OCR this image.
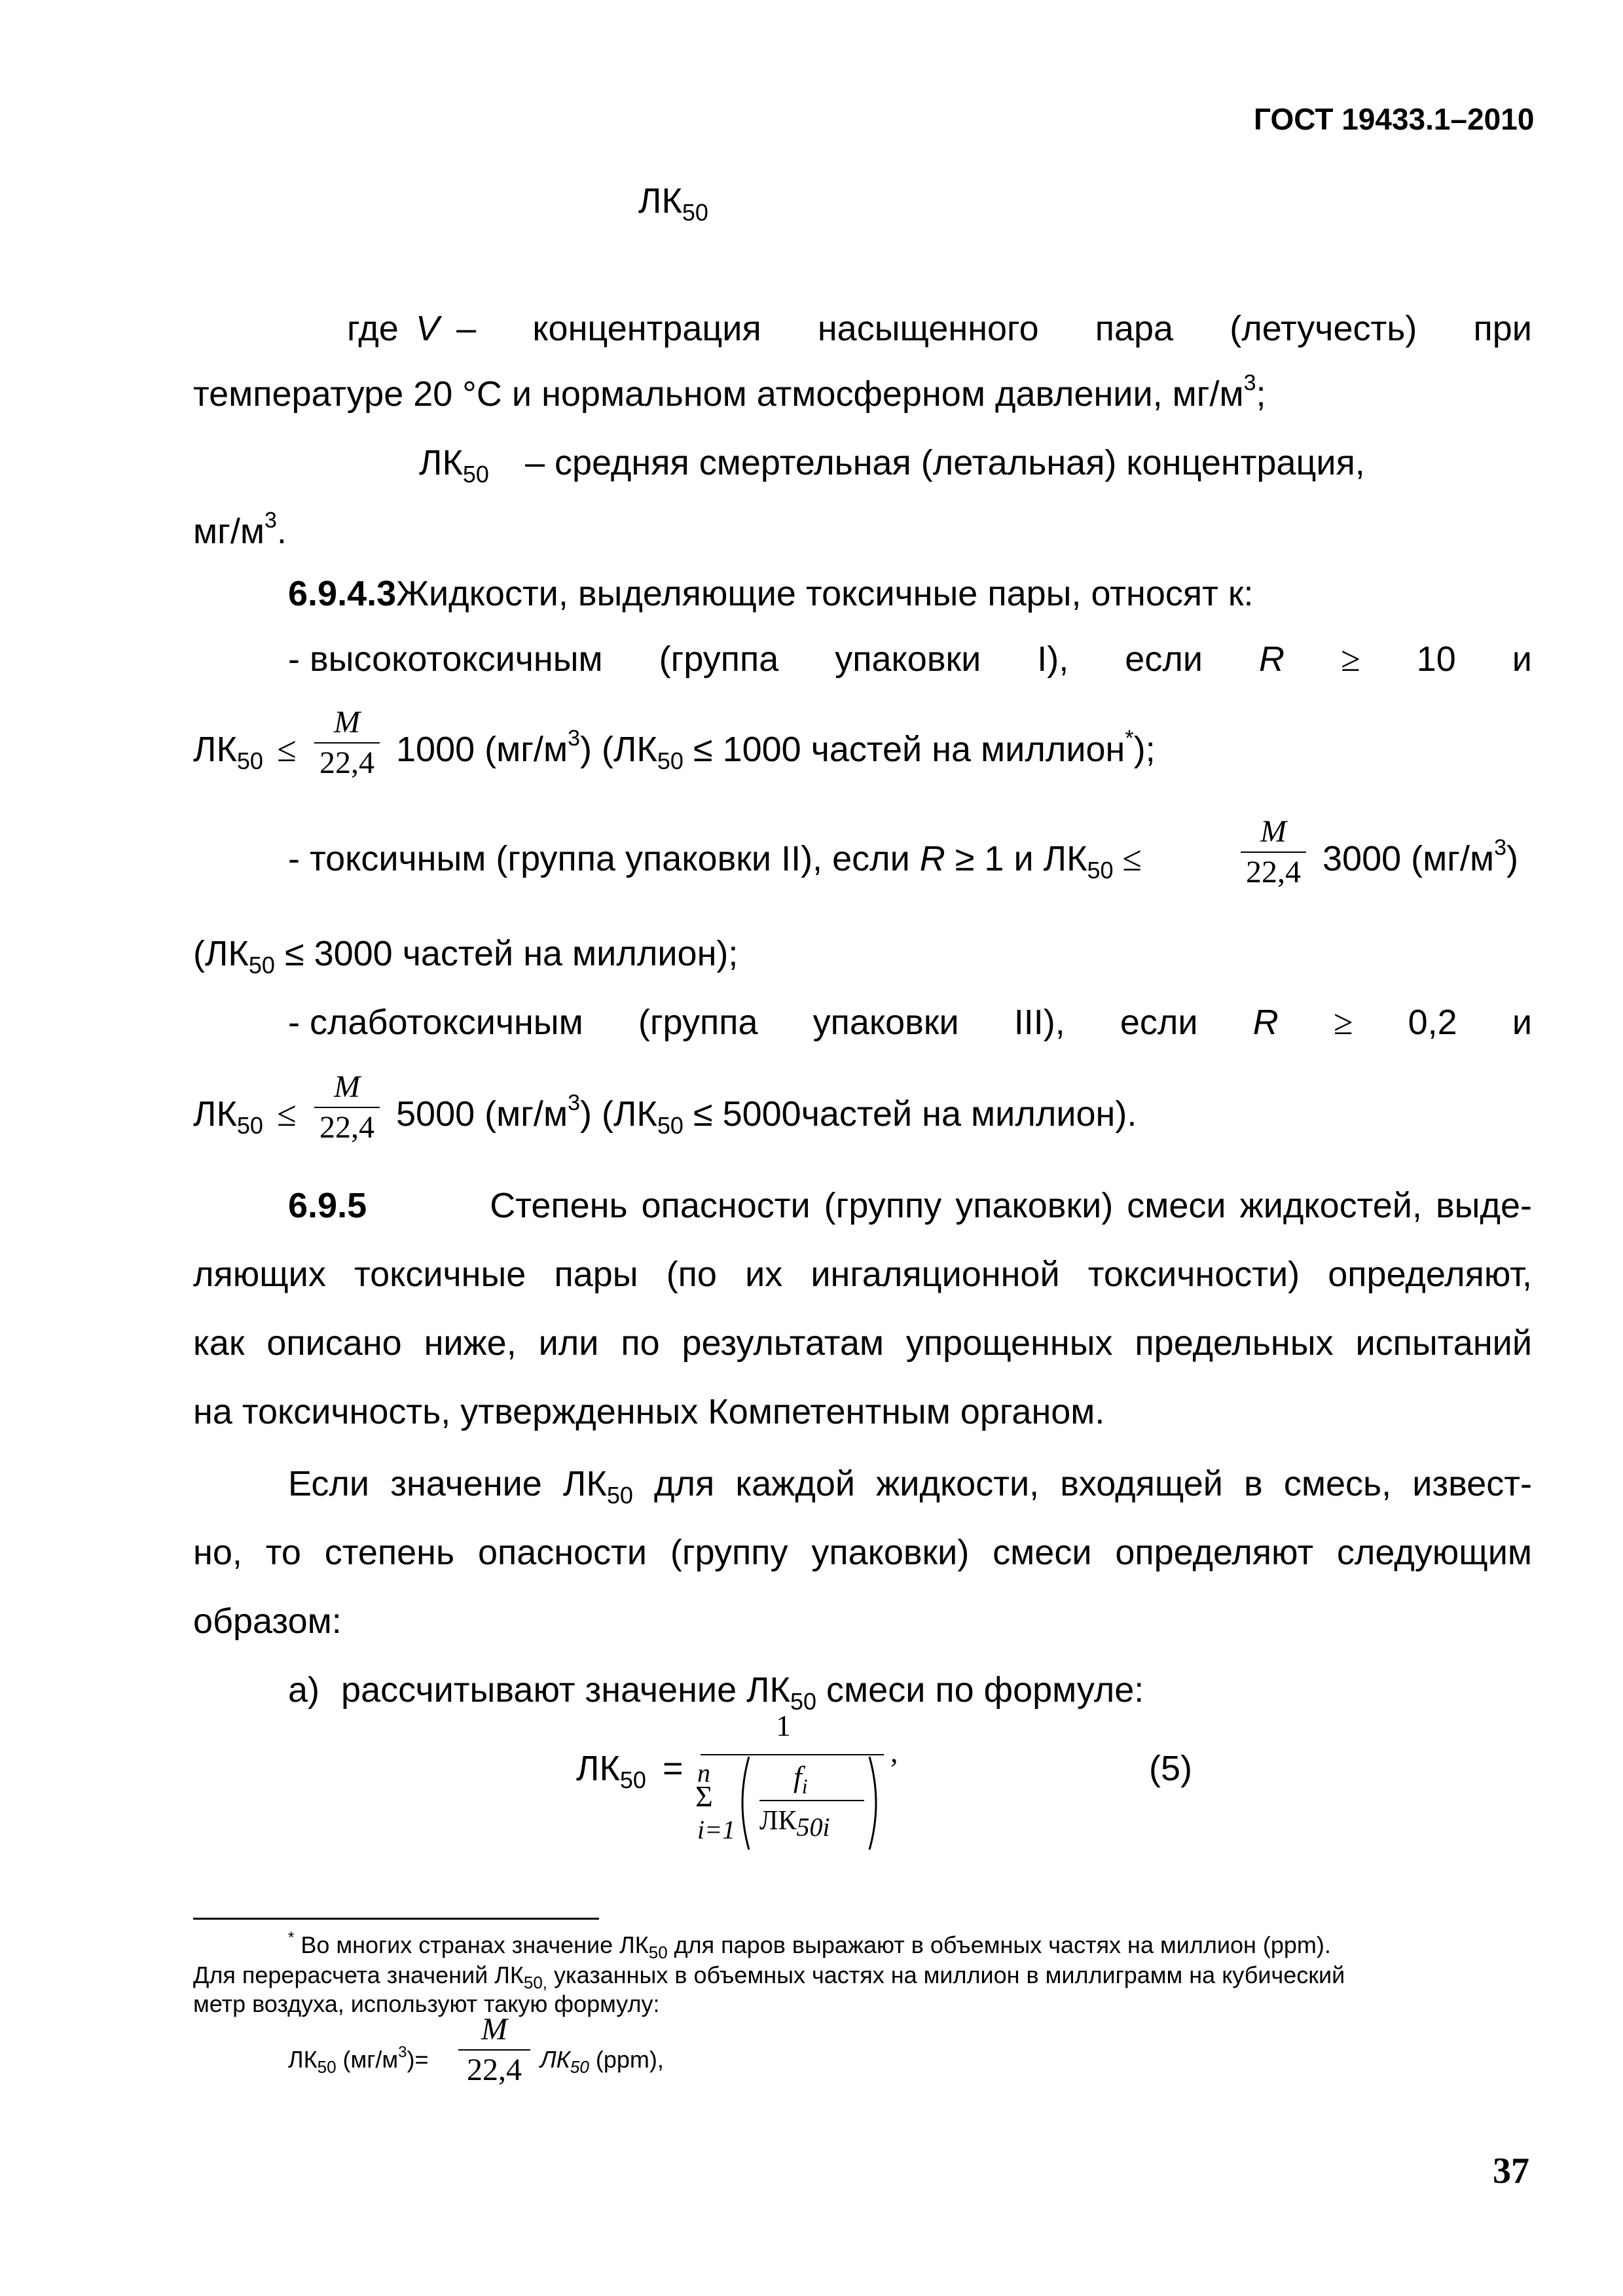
ГОСТ 19433.1–2010
$ЛК_{50}$
где V – концентрация насыщенного пара (летучесть) при
температуре 20 °C и нормальном атмосферном давлении, $мг/м^3$;
$ЛК_{50}$ – средняя смертельная (летальная) концентрация,
$мг/м^3$.
6.9.4.3Жидкости, выделяющие токсичные пары, относят к:
- высокотоксичным (группа упаковки I), если R ≥ 10 и
$ЛК_{50}$ ≤
M
22,4 1000 $(мг/м^3) (ЛК_{50} \le 1000$ частей на миллион*);
- токсичным (группа упаковки II), если R ≥ 1 и $ЛК_{50}$ ≤
M
22,4 3000 $(мг/м^3)$
($ЛК_{50} \le 3000$ частей на миллион);
- слаботоксичным (группа упаковки III), если R ≥ 0,2 и
$ЛК_{50}$ ≤
M
22,4 5000 $(мг/м^3) (ЛК_{50}$ ≤ 5000частей на миллион).
6.9.5	Степень опасности (группу упаковки) смеси жидкостей, выде-
ляющих токсичные пары (по их ингаляционной токсичности) определяют,
как описано ниже, или по результатам упрощенных предельных испытаний
на токсичность, утвержденных Компетентным органом.
Если значение $ЛК_{50}$ для каждой жидкости, входящей в смесь, извест-
но, то степень опасности (группу упаковки) смеси определяют следующим
образом:
а) рассчитывают значение $ЛК_{50}$ смеси по формуле:
$ЛК_{50}$ =
1
n
Σ
i=1
$f_i$
ЛК50i
,	(5)
* Во многих странах значение $ЛК_{50}$ для паров выражают в объемных частях на миллион (ppm).
Для перерасчета значений $ЛК_{50,}$ указанных в объемных частях на миллион в миллиграмм на кубический
метр воздуха, используют такую формулу:
$ЛК_{50}$ $(мг/м^3)=$
M
22,4 $ЛК_{50}$ (ppm),
37
